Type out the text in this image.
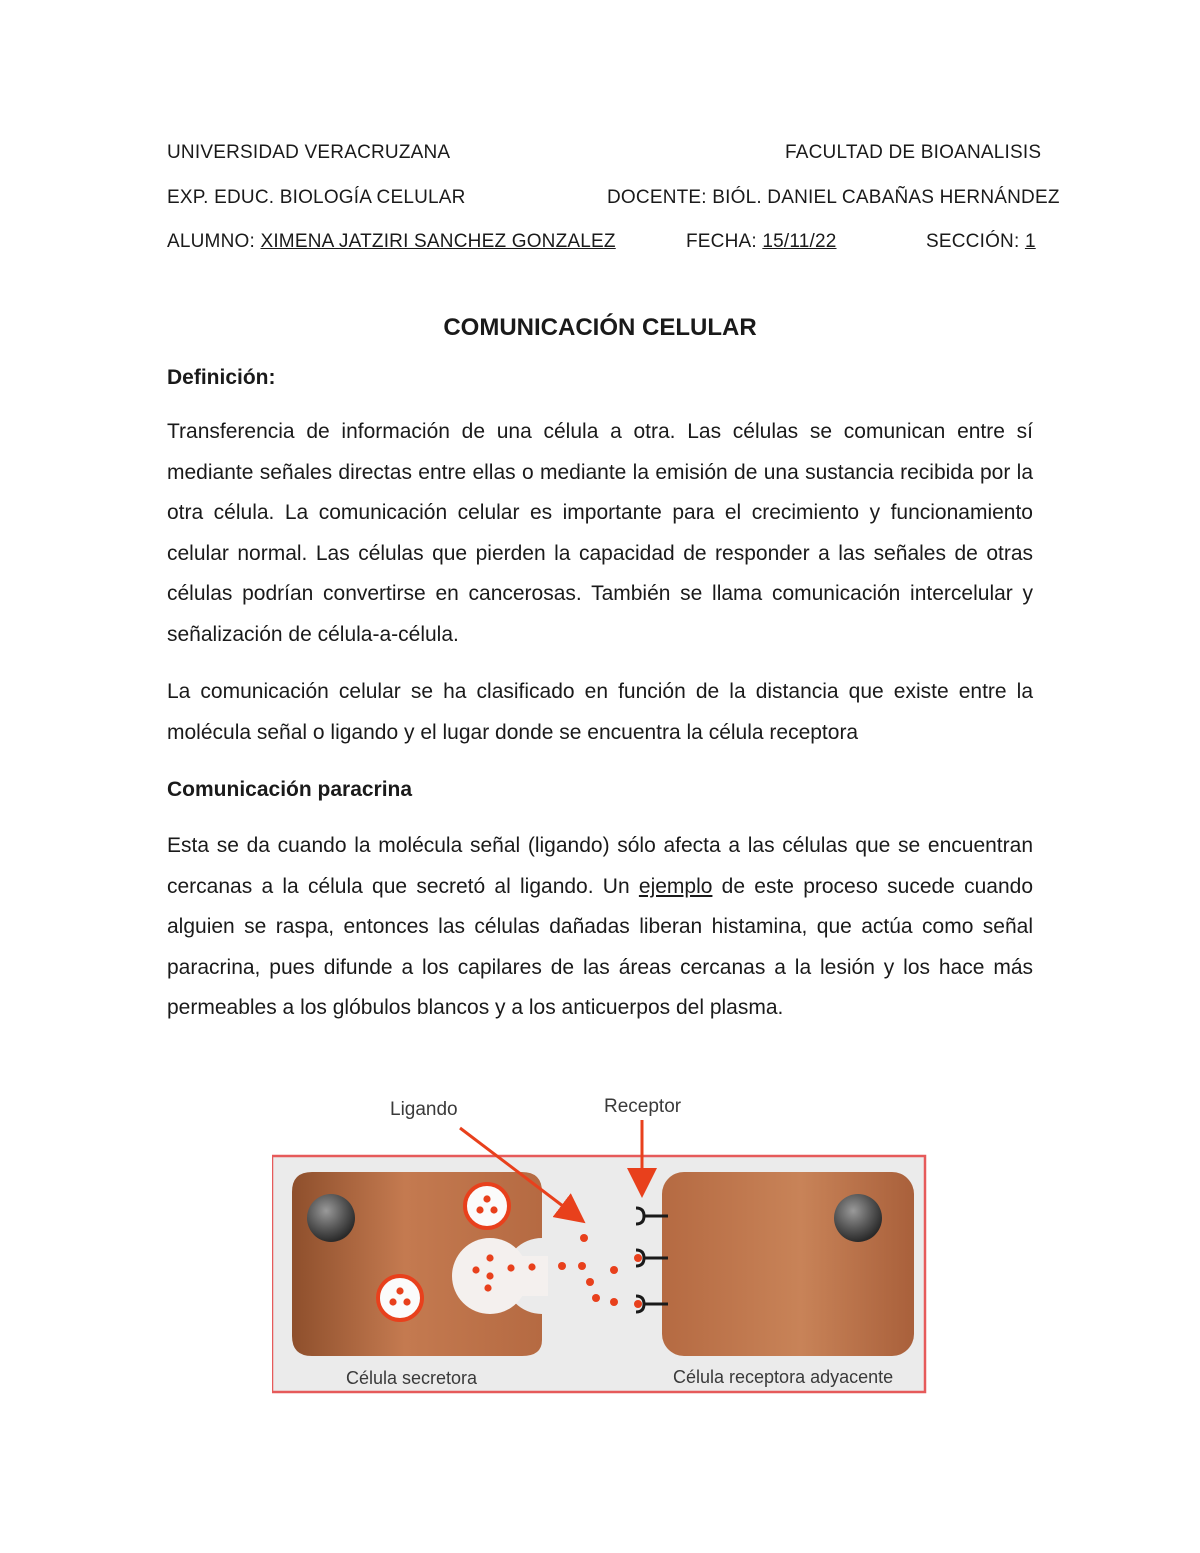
UNIVERSIDAD VERACRUZANA	FACULTAD DE BIOANALISIS
EXP. EDUC. BIOLOGÍA CELULAR	DOCENTE: BIÓL. DANIEL CABAÑAS HERNÁNDEZ
ALUMNO: XIMENA JATZIRI SANCHEZ GONZALEZ	FECHA: 15/11/22	SECCIÓN: 1
COMUNICACIÓN CELULAR
Definición:

Transferencia de información de una célula a otra. Las células se comunican entre sí mediante señales directas entre ellas o mediante la emisión de una sustancia recibida por la otra célula. La comunicación celular es importante para el crecimiento y funcionamiento celular normal. Las células que pierden la capacidad de responder a las señales de otras células podrían convertirse en cancerosas. También se llama comunicación intercelular y señalización de célula-a-célula.

La comunicación celular se ha clasificado en función de la distancia que existe entre la molécula señal o ligando y el lugar donde se encuentra la célula receptora

Comunicación paracrina

Esta se da cuando la molécula señal (ligando) sólo afecta a las células que se encuentran cercanas a la célula que secretó al ligando. Un ejemplo de este proceso sucede cuando alguien se raspa, entonces las células dañadas liberan histamina, que actúa como señal paracrina, pues difunde a los capilares de las áreas cercanas a la lesión y los hace más permeables a los glóbulos blancos y a los anticuerpos del plasma.

Ligando	Receptor
Célula secretora	Célula receptora adyacente
